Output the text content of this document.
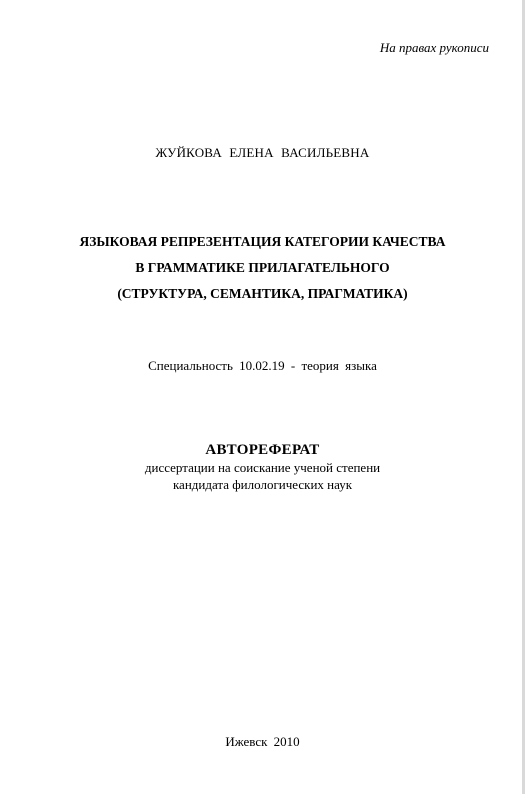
На правах рукописи
ЖУЙКОВА ЕЛЕНА ВАСИЛЬЕВНА
ЯЗЫКОВАЯ РЕПРЕЗЕНТАЦИЯ КАТЕГОРИИ КАЧЕСТВА
В ГРАММАТИКЕ ПРИЛАГАТЕЛЬНОГО
(СТРУКТУРА, СЕМАНТИКА, ПРАГМАТИКА)
Специальность 10.02.19 - теория языка
АВТОРЕФЕРАТ
диссертации на соискание ученой степени
кандидата филологических наук
Ижевск 2010
